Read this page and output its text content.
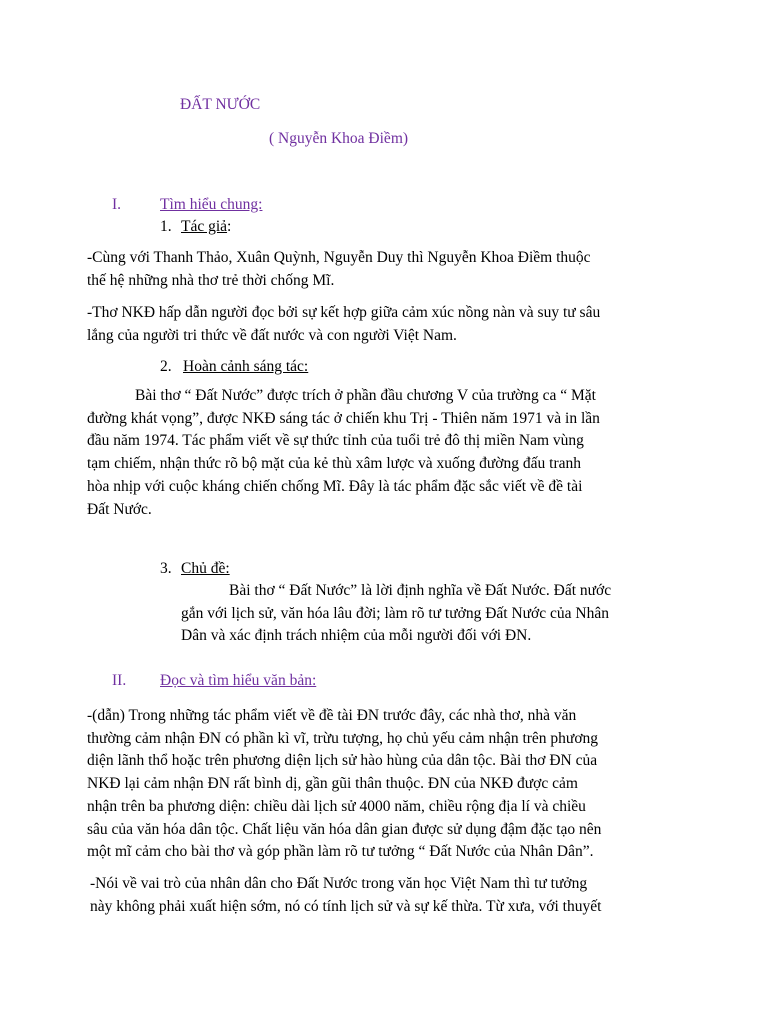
ĐẤT NƯỚC
( Nguyễn Khoa Điềm)
I.	Tìm hiểu chung:
1. Tác giả:
-Cùng với Thanh Thảo, Xuân Quỳnh, Nguyễn Duy thì Nguyễn Khoa Điềm thuộc
thế hệ những nhà thơ trẻ thời chống Mĩ.
-Thơ NKĐ hấp dẫn người đọc bởi sự kết hợp giữa cảm xúc nồng nàn và suy tư sâu
lắng của người tri thức về đất nước và con người Việt Nam.
2. Hoàn cảnh sáng tác:
Bài thơ “ Đất Nước” được trích ở phần đầu chương V của trường ca “ Mặt
đường khát vọng”, được NKĐ sáng tác ở chiến khu Trị - Thiên năm 1971 và in lần
đầu năm 1974. Tác phẩm viết về sự thức tỉnh của tuổi trẻ đô thị miền Nam vùng
tạm chiếm, nhận thức rõ bộ mặt của kẻ thù xâm lược và xuống đường đấu tranh
hòa nhịp với cuộc kháng chiến chống Mĩ. Đây là tác phẩm đặc sắc viết về đề tài
Đất Nước.
3. Chủ đề:
Bài thơ “ Đất Nước” là lời định nghĩa về Đất Nước. Đất nước
gắn với lịch sử, văn hóa lâu đời; làm rõ tư tưởng Đất Nước của Nhân
Dân và xác định trách nhiệm của mỗi người đối với ĐN.
II. Đọc và tìm hiểu văn bản:
-(dẫn) Trong những tác phẩm viết về đề tài ĐN trước đây, các nhà thơ, nhà văn
thường cảm nhận ĐN có phần kì vĩ, trừu tượng, họ chủ yếu cảm nhận trên phương
diện lãnh thổ hoặc trên phương diện lịch sử hào hùng của dân tộc. Bài thơ ĐN của
NKĐ lại cảm nhận ĐN rất bình dị, gần gũi thân thuộc. ĐN của NKĐ được cảm
nhận trên ba phương diện: chiều dài lịch sử 4000 năm, chiều rộng địa lí và chiều
sâu của văn hóa dân tộc. Chất liệu văn hóa dân gian được sử dụng đậm đặc tạo nên
một mĩ cảm cho bài thơ và góp phần làm rõ tư tưởng “ Đất Nước của Nhân Dân”.
-Nói về vai trò của nhân dân cho Đất Nước trong văn học Việt Nam thì tư tưởng
này không phải xuất hiện sớm, nó có tính lịch sử và sự kế thừa. Từ xưa, với thuyết
